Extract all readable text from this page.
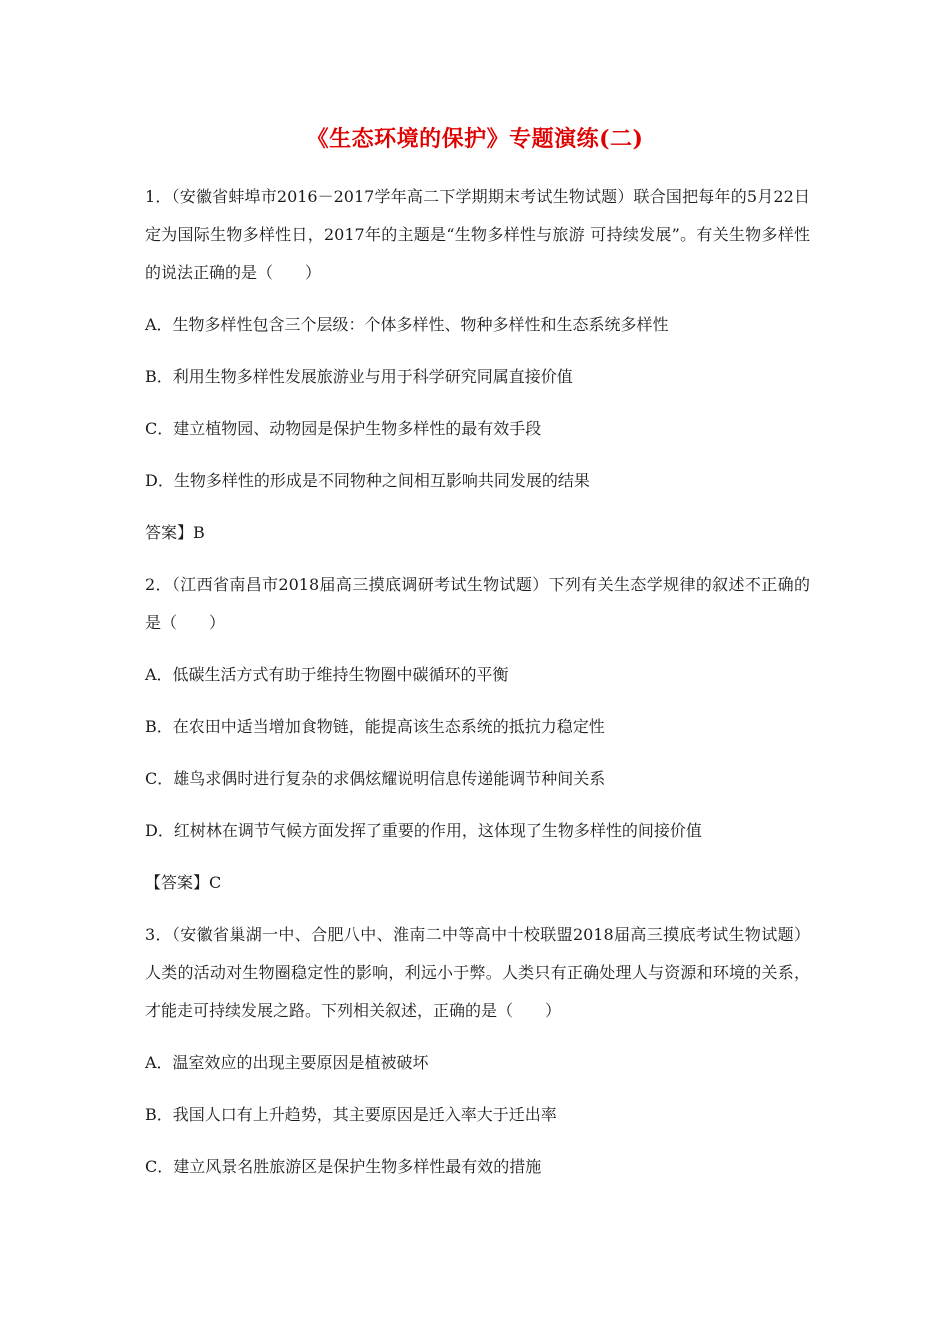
《生态环境的保护》专题演练(二)
1．（安徽省蚌埠市2016－2017学年高二下学期期末考试生物试题）联合国把每年的5月22日定为国际生物多样性日，2017年的主题是“生物多样性与旅游 可持续发展”。有关生物多样性的说法正确的是（　　）
A．生物多样性包含三个层级：个体多样性、物种多样性和生态系统多样性
B．利用生物多样性发展旅游业与用于科学研究同属直接价值
C．建立植物园、动物园是保护生物多样性的最有效手段
D．生物多样性的形成是不同物种之间相互影响共同发展的结果
答案】B
2．（江西省南昌市2018届高三摸底调研考试生物试题）下列有关生态学规律的叙述不正确的是（　　）
A．低碳生活方式有助于维持生物圈中碳循环的平衡
B．在农田中适当增加食物链，能提高该生态系统的抵抗力稳定性
C．雄鸟求偶时进行复杂的求偶炫耀说明信息传递能调节种间关系
D．红树林在调节气候方面发挥了重要的作用，这体现了生物多样性的间接价值
【答案】C
3．（安徽省巢湖一中、合肥八中、淮南二中等高中十校联盟2018届高三摸底考试生物试题）人类的活动对生物圈稳定性的影响，利远小于弊。人类只有正确处理人与资源和环境的关系，才能走可持续发展之路。下列相关叙述，正确的是（　　）
A．温室效应的出现主要原因是植被破坏
B．我国人口有上升趋势，其主要原因是迁入率大于迁出率
C．建立风景名胜旅游区是保护生物多样性最有效的措施
